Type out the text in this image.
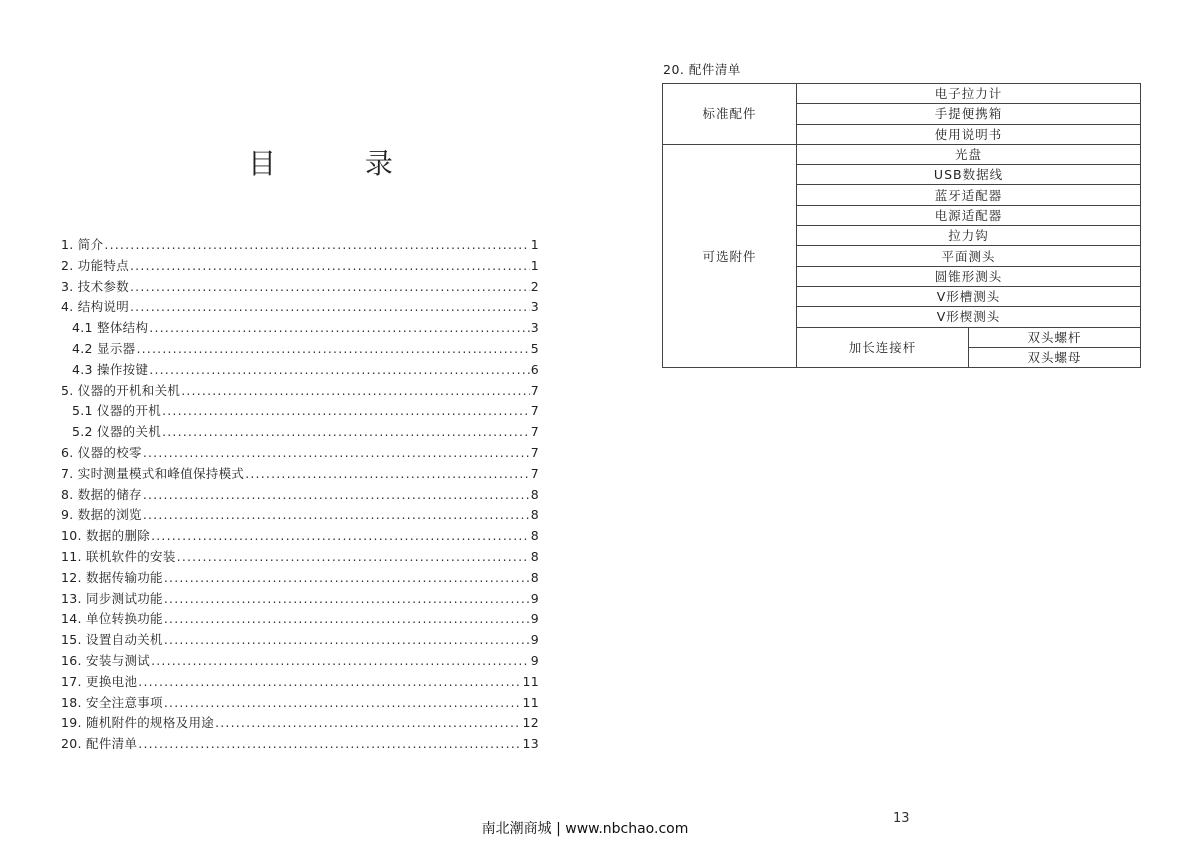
目 录
1. 简介 .....	1
2. 功能特点 .....	1
3. 技术参数 .....	2
4. 结构说明 .....	3
4.1 整体结构 .....	3
4.2 显示器 .....	5
4.3 操作按键 .....	6
5. 仪器的开机和关机 .....	7
5.1 仪器的开机 .....	7
5.2 仪器的关机 .....	7
6. 仪器的校零 .....	7
7. 实时测量模式和峰值保持模式 .....	7
8. 数据的储存 .....	8
9. 数据的浏览 .....	8
10. 数据的删除 .....	8
11. 联机软件的安装 .....	8
12. 数据传输功能 .....	8
13. 同步测试功能 .....	9
14. 单位转换功能 .....	9
15. 设置自动关机 .....	9
16. 安装与测试 .....	9
17. 更换电池 .....	11
18. 安全注意事项 .....	11
19. 随机附件的规格及用途 .....	12
20. 配件清单 .....	13
20. 配件清单
标准配件	电子拉力计	
	手提便携箱	
	使用说明书	
可选附件	光盘	
	USB数据线	
	蓝牙适配器	
	电源适配器	
	拉力钩	
	平面测头	
	圆锥形测头	
	V形槽测头	
	V形楔测头	
	加长连接杆	双头螺杆
		双头螺母
13
南北潮商城 | www.nbchao.com
